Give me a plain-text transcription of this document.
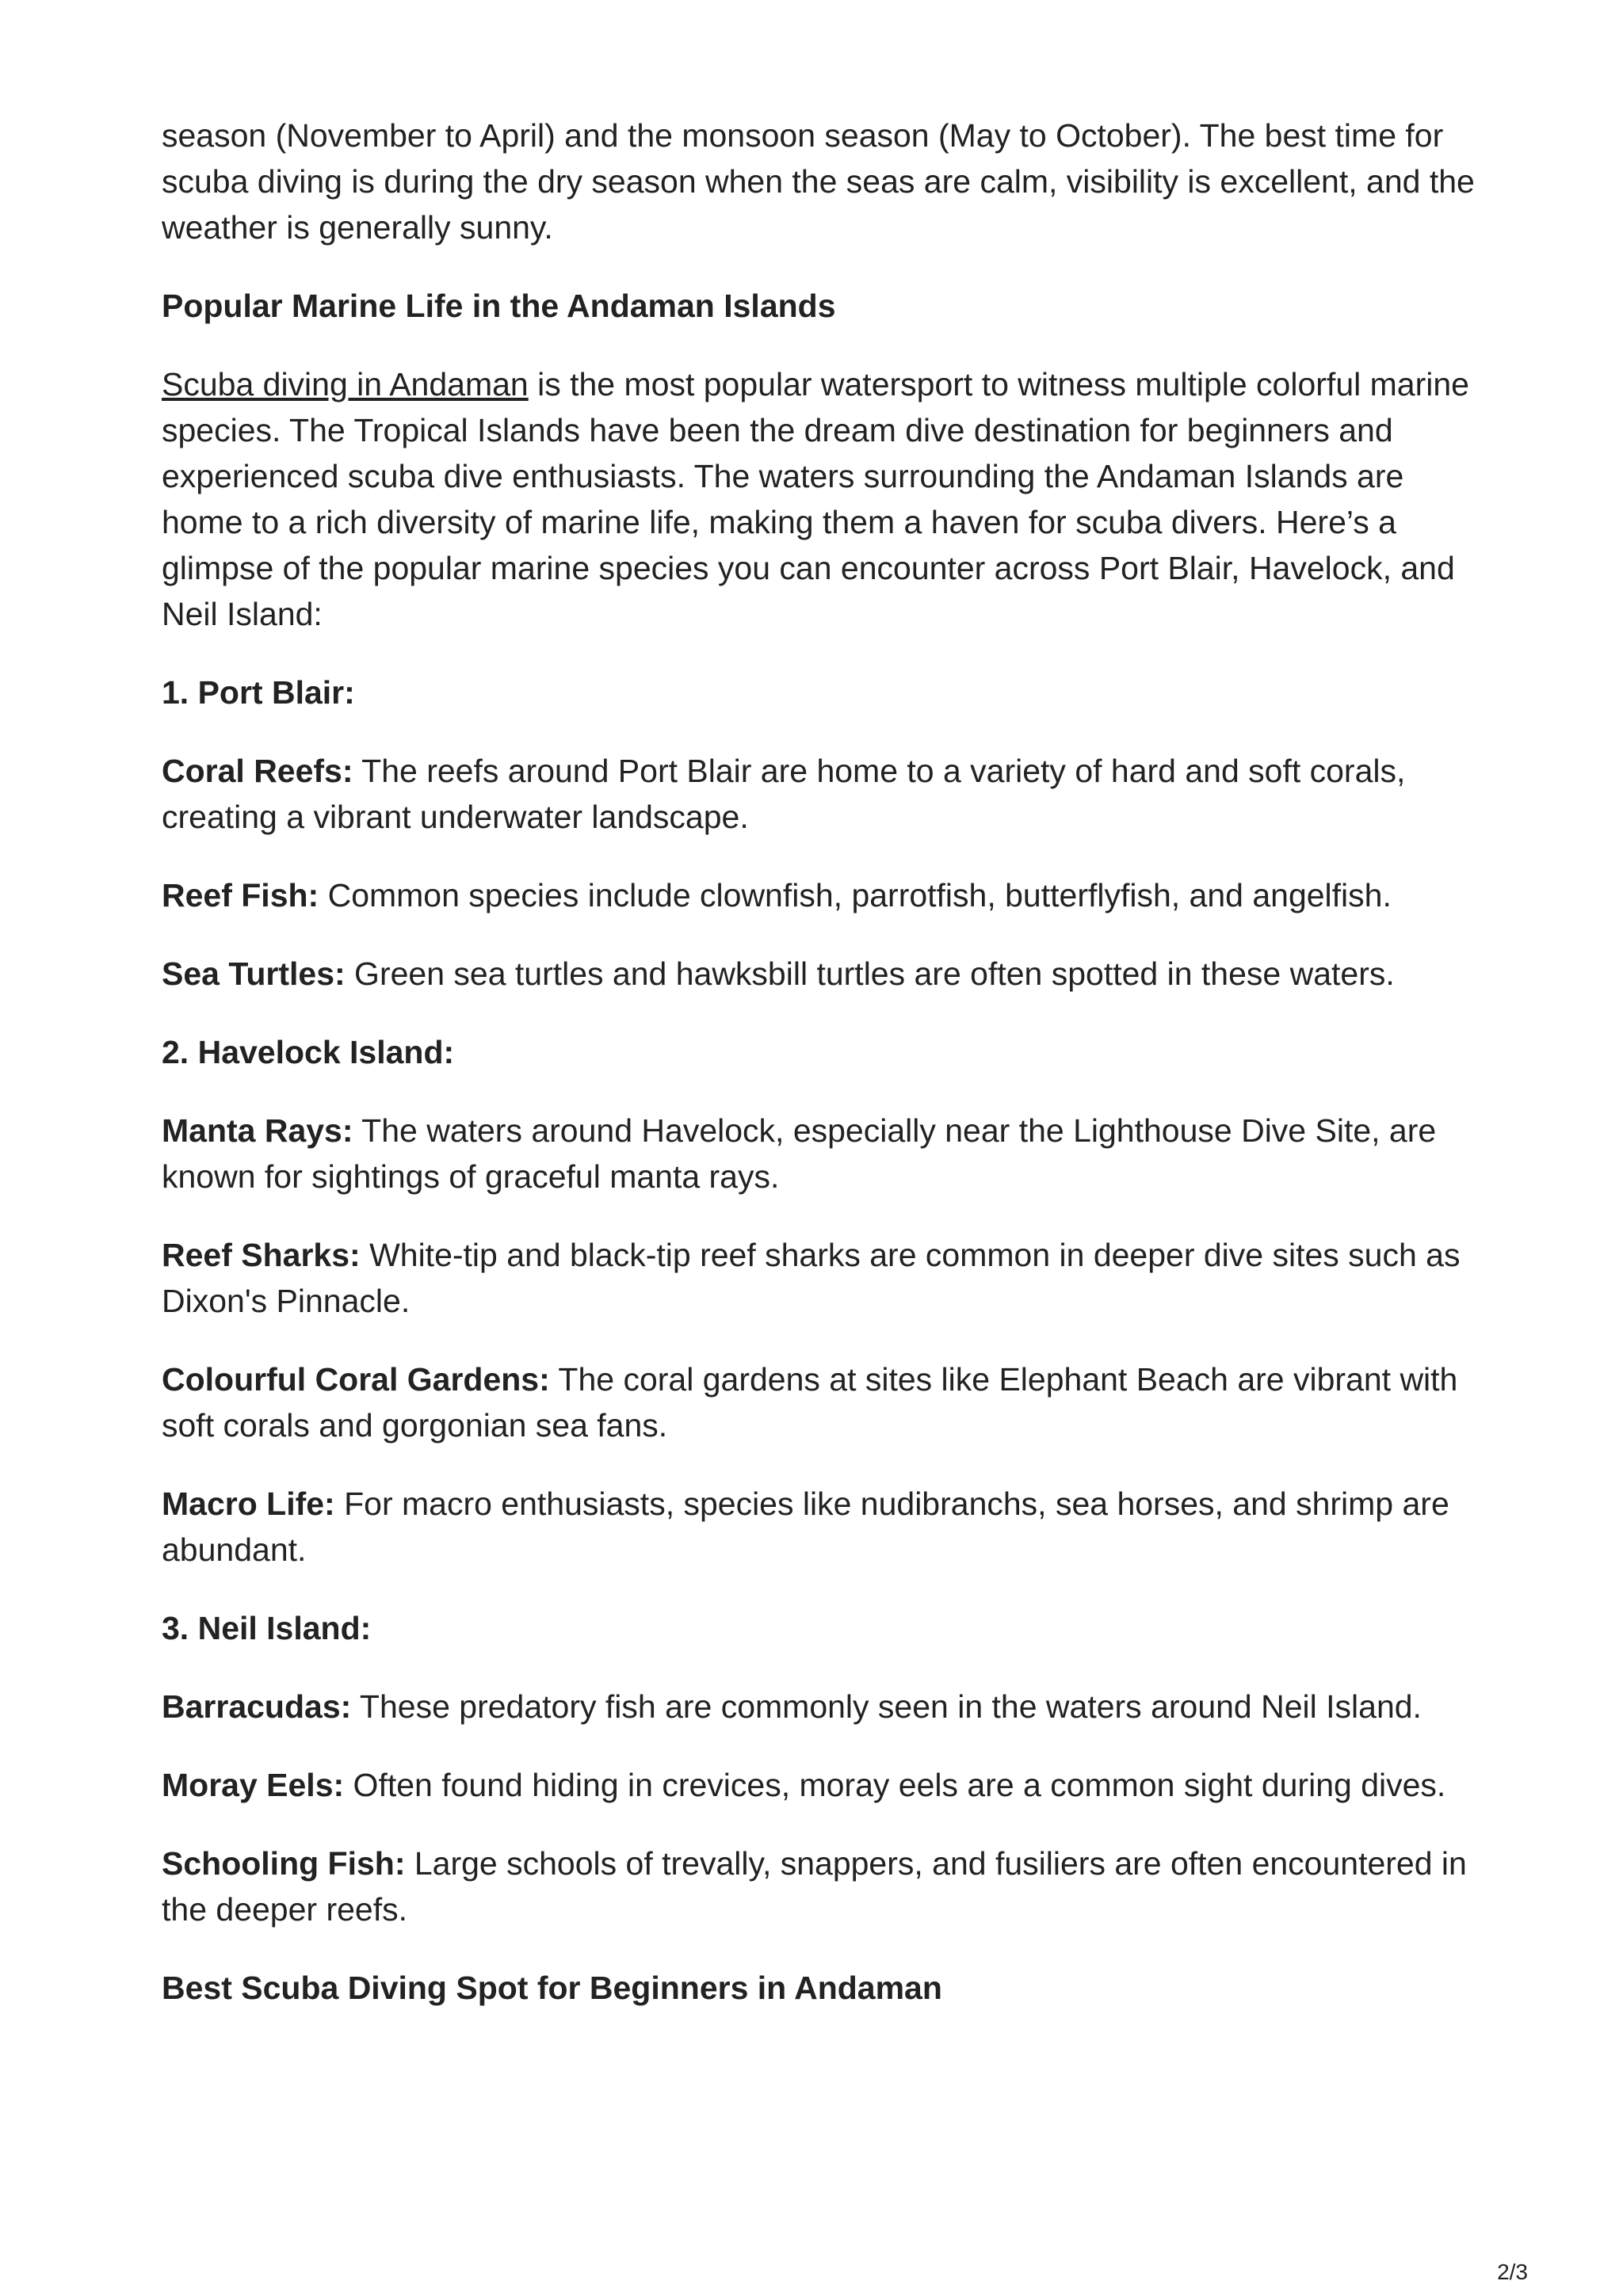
season (November to April) and the monsoon season (May to October). The best time for scuba diving is during the dry season when the seas are calm, visibility is excellent, and the weather is generally sunny.

Popular Marine Life in the Andaman Islands

Scuba diving in Andaman is the most popular watersport to witness multiple colorful marine species. The Tropical Islands have been the dream dive destination for beginners and experienced scuba dive enthusiasts. The waters surrounding the Andaman Islands are home to a rich diversity of marine life, making them a haven for scuba divers. Here’s a glimpse of the popular marine species you can encounter across Port Blair, Havelock, and Neil Island:

1. Port Blair:

Coral Reefs: The reefs around Port Blair are home to a variety of hard and soft corals, creating a vibrant underwater landscape.

Reef Fish: Common species include clownfish, parrotfish, butterflyfish, and angelfish.

Sea Turtles: Green sea turtles and hawksbill turtles are often spotted in these waters.

2. Havelock Island:

Manta Rays: The waters around Havelock, especially near the Lighthouse Dive Site, are known for sightings of graceful manta rays.

Reef Sharks: White-tip and black-tip reef sharks are common in deeper dive sites such as Dixon's Pinnacle.

Colourful Coral Gardens: The coral gardens at sites like Elephant Beach are vibrant with soft corals and gorgonian sea fans.

Macro Life: For macro enthusiasts, species like nudibranchs, sea horses, and shrimp are abundant.

3. Neil Island:

Barracudas: These predatory fish are commonly seen in the waters around Neil Island.

Moray Eels: Often found hiding in crevices, moray eels are a common sight during dives.

Schooling Fish: Large schools of trevally, snappers, and fusiliers are often encountered in the deeper reefs.

Best Scuba Diving Spot for Beginners in Andaman
2/3
